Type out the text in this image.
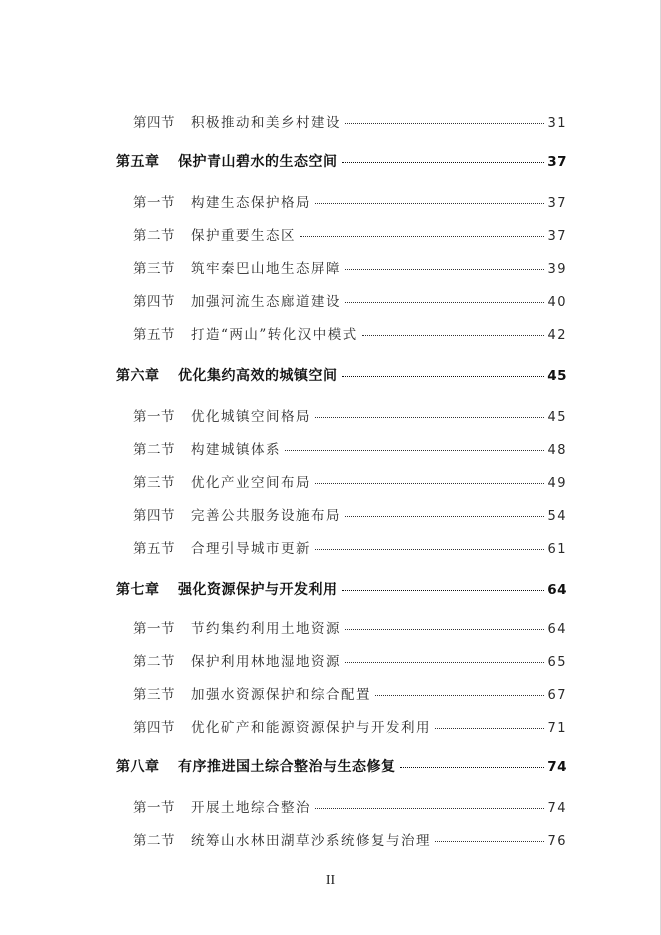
第四节	积极推动和美乡村建设	31
第五章	保护青山碧水的生态空间	37
第一节	构建生态保护格局	37
第二节	保护重要生态区	37
第三节	筑牢秦巴山地生态屏障	39
第四节	加强河流生态廊道建设	40
第五节	打造“两山”转化汉中模式	42
第六章	优化集约高效的城镇空间	45
第一节	优化城镇空间格局	45
第二节	构建城镇体系	48
第三节	优化产业空间布局	49
第四节	完善公共服务设施布局	54
第五节	合理引导城市更新	61
第七章	强化资源保护与开发利用	64
第一节	节约集约利用土地资源	64
第二节	保护利用林地湿地资源	65
第三节	加强水资源保护和综合配置	67
第四节	优化矿产和能源资源保护与开发利用	71
第八章	有序推进国土综合整治与生态修复	74
第一节	开展土地综合整治	74
第二节	统筹山水林田湖草沙系统修复与治理	76
II
